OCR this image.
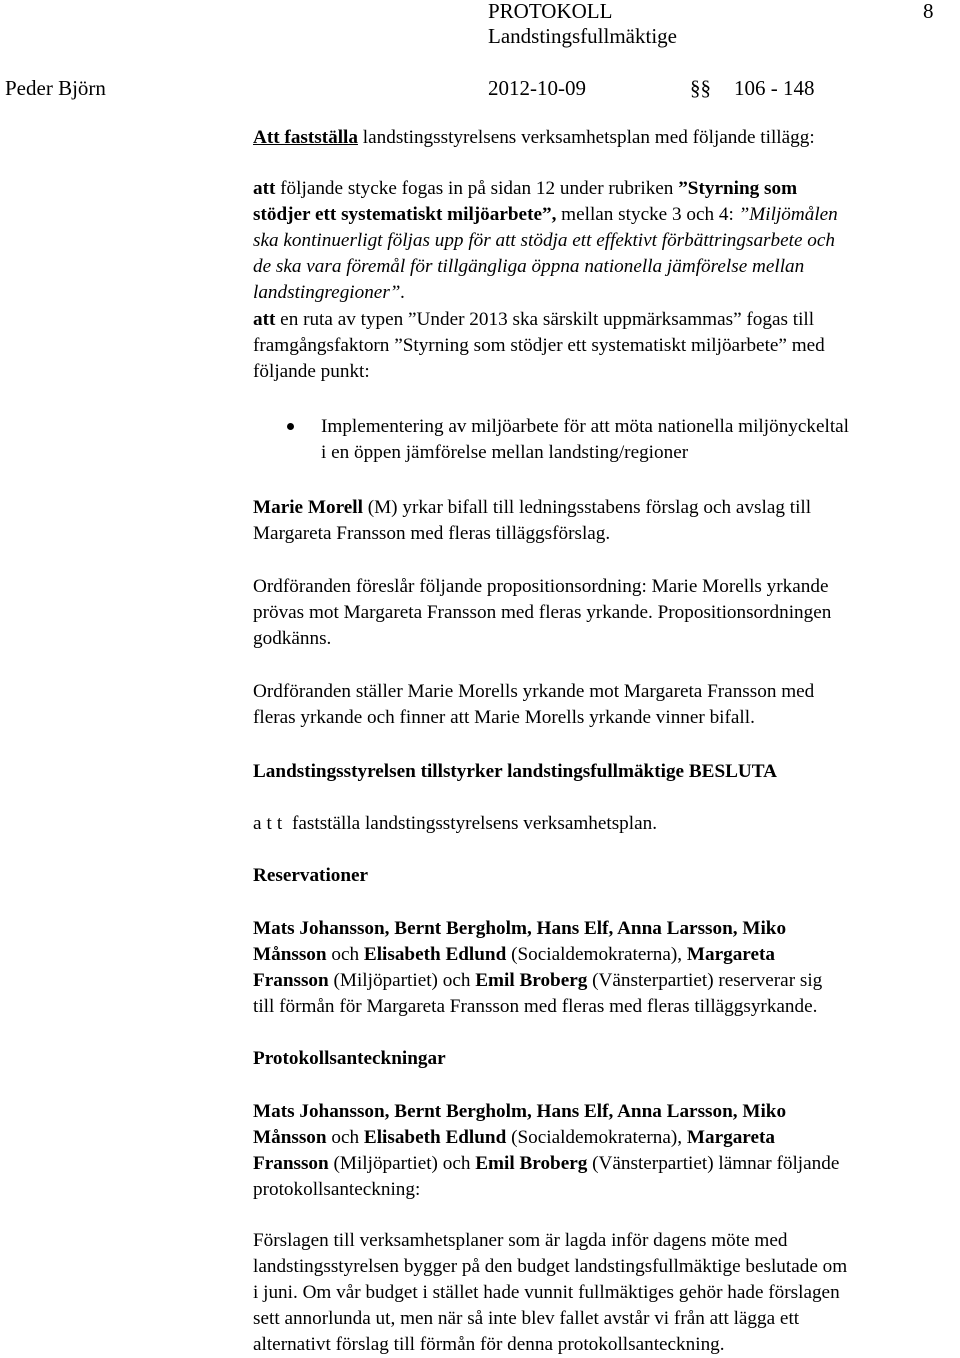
PROTOKOLL	8
Landstingsfullmäktige
Peder Björn	2012-10-09	§§ 106 - 148
Att fastställa landstingsstyrelsens verksamhetsplan med följande tillägg:
att följande stycke fogas in på sidan 12 under rubriken ”Styrning som
stödjer ett systematiskt miljöarbete”, mellan stycke 3 och 4: ”Miljömålen
ska kontinuerligt följas upp för att stödja ett effektivt förbättringsarbete och
de ska vara föremål för tillgängliga öppna nationella jämförelse mellan
landstingregioner”.
att en ruta av typen ”Under 2013 ska särskilt uppmärksammas” fogas till
framgångsfaktorn ”Styrning som stödjer ett systematiskt miljöarbete” med
följande punkt:
Implementering av miljöarbete för att möta nationella miljönyckeltal
i en öppen jämförelse mellan landsting/regioner
Marie Morell (M) yrkar bifall till ledningsstabens förslag och avslag till
Margareta Fransson med fleras tilläggsförslag.
Ordföranden föreslår följande propositionsordning: Marie Morells yrkande
prövas mot Margareta Fransson med fleras yrkande. Propositionsordningen
godkänns.
Ordföranden ställer Marie Morells yrkande mot Margareta Fransson med
fleras yrkande och finner att Marie Morells yrkande vinner bifall.
Landstingsstyrelsen tillstyrker landstingsfullmäktige BESLUTA
att fastställa landstingsstyrelsens verksamhetsplan.
Reservationer
Mats Johansson, Bernt Bergholm, Hans Elf, Anna Larsson, Miko
Månsson och Elisabeth Edlund (Socialdemokraterna), Margareta
Fransson (Miljöpartiet) och Emil Broberg (Vänsterpartiet) reserverar sig
till förmån för Margareta Fransson med fleras med fleras tilläggsyrkande.
Protokollsanteckningar
Mats Johansson, Bernt Bergholm, Hans Elf, Anna Larsson, Miko
Månsson och Elisabeth Edlund (Socialdemokraterna), Margareta
Fransson (Miljöpartiet) och Emil Broberg (Vänsterpartiet) lämnar följande
protokollsanteckning:
Förslagen till verksamhetsplaner som är lagda inför dagens möte med
landstingsstyrelsen bygger på den budget landstingsfullmäktige beslutade om
i juni. Om vår budget i stället hade vunnit fullmäktiges gehör hade förslagen
sett annorlunda ut, men när så inte blev fallet avstår vi från att lägga ett
alternativt förslag till förmån för denna protokollsanteckning.
